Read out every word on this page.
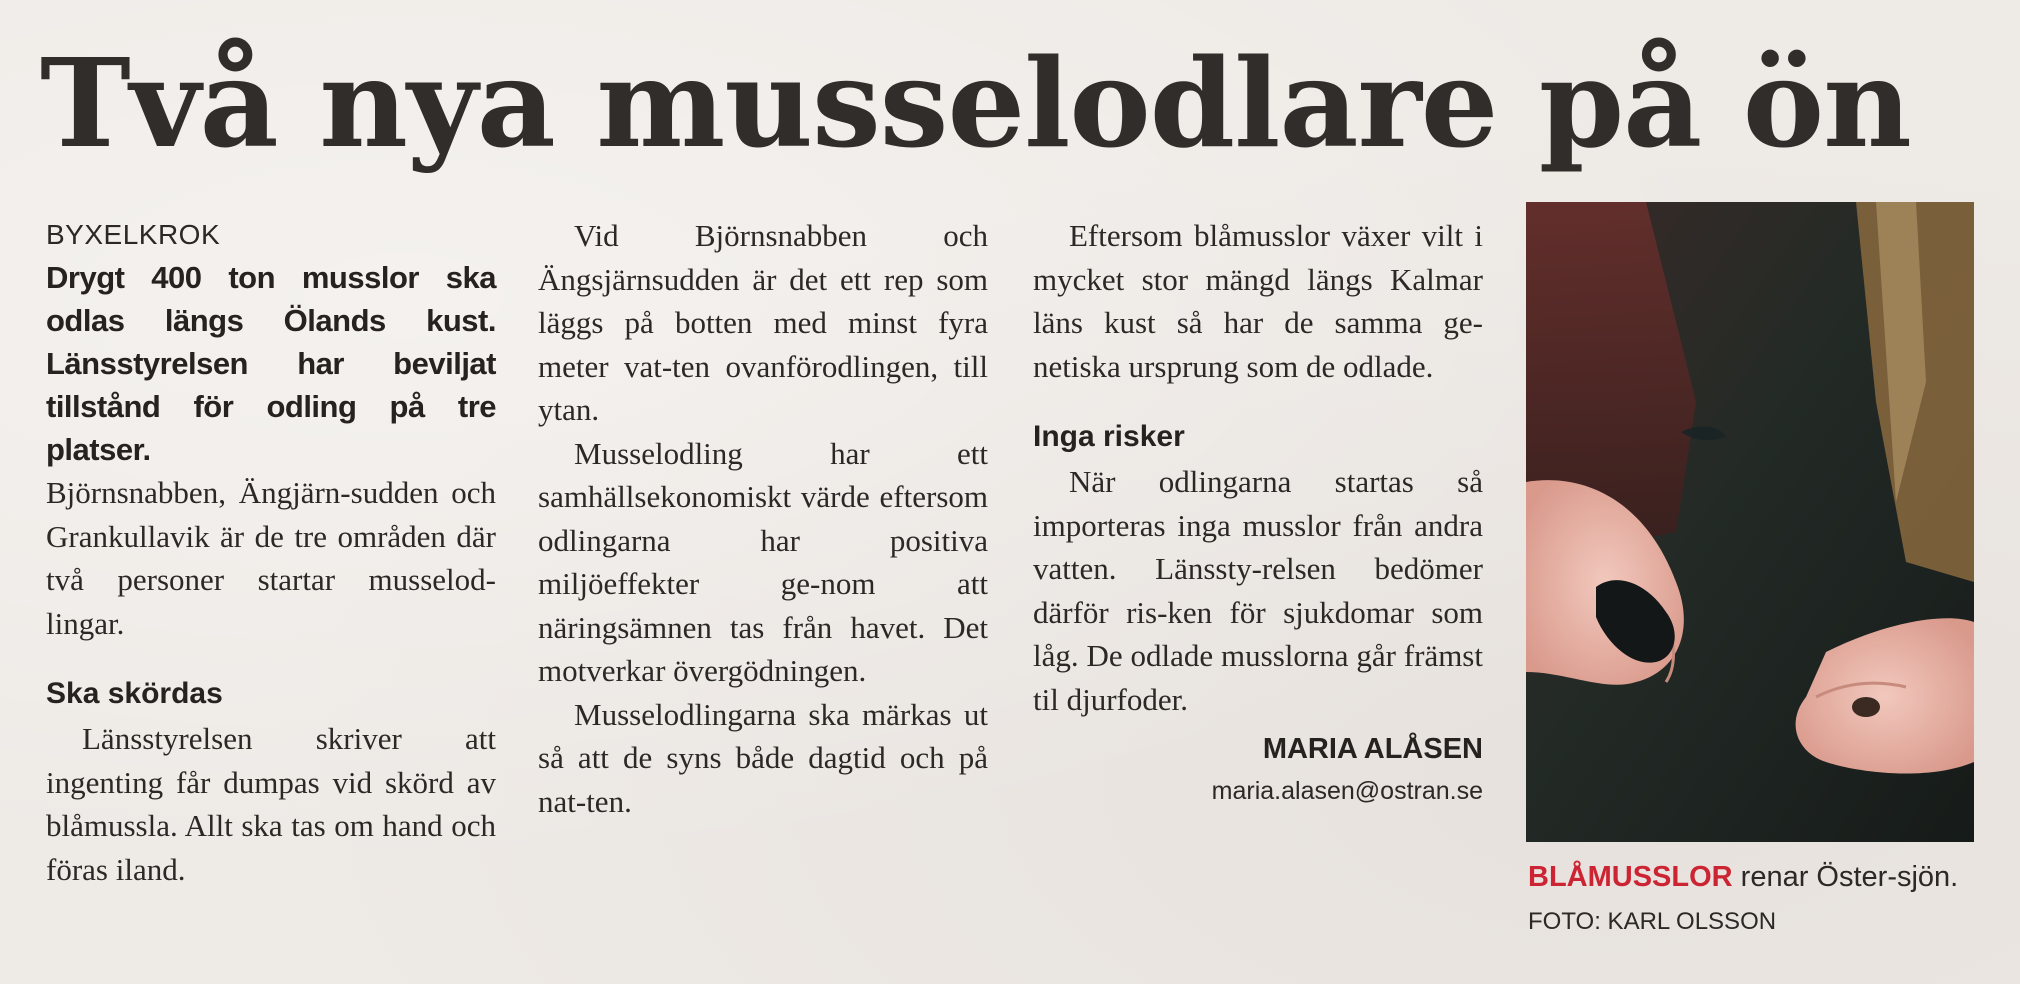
Två nya musselodlare på ön

BYXELKROK

Drygt 400 ton musslor ska odlas längs Ölands kust. Länsstyrelsen har beviljat tillstånd för odling på tre platser.

Björnsnabben, Ängjärn-sudden och Grankullavik är de tre områden där två personer startar musselod-lingar.

Ska skördas

Länsstyrelsen skriver att ingenting får dumpas vid skörd av blåmussla. Allt ska tas om hand och föras iland.

Vid Björnsnabben och Ängsjärnsudden är det ett rep som läggs på botten med minst fyra meter vat-ten ovanförodlingen, till ytan.

Musselodling har ett samhällsekonomiskt värde eftersom odlingarna har positiva miljöeffekter ge-nom att näringsämnen tas från havet. Det motverkar övergödningen.

Musselodlingarna ska märkas ut så att de syns både dagtid och på nat-ten.

Eftersom blåmusslor växer vilt i mycket stor mängd längs Kalmar läns kust så har de samma ge-netiska ursprung som de odlade.

Inga risker

När odlingarna startas så importeras inga musslor från andra vatten. Länssty-relsen bedömer därför ris-ken för sjukdomar som låg. De odlade musslorna går främst til djurfoder.

MARIA ALÅSEN

maria.alasen@ostran.se

BLÅMUSSLOR renar Öster-sjön. FOTO: KARL OLSSON
